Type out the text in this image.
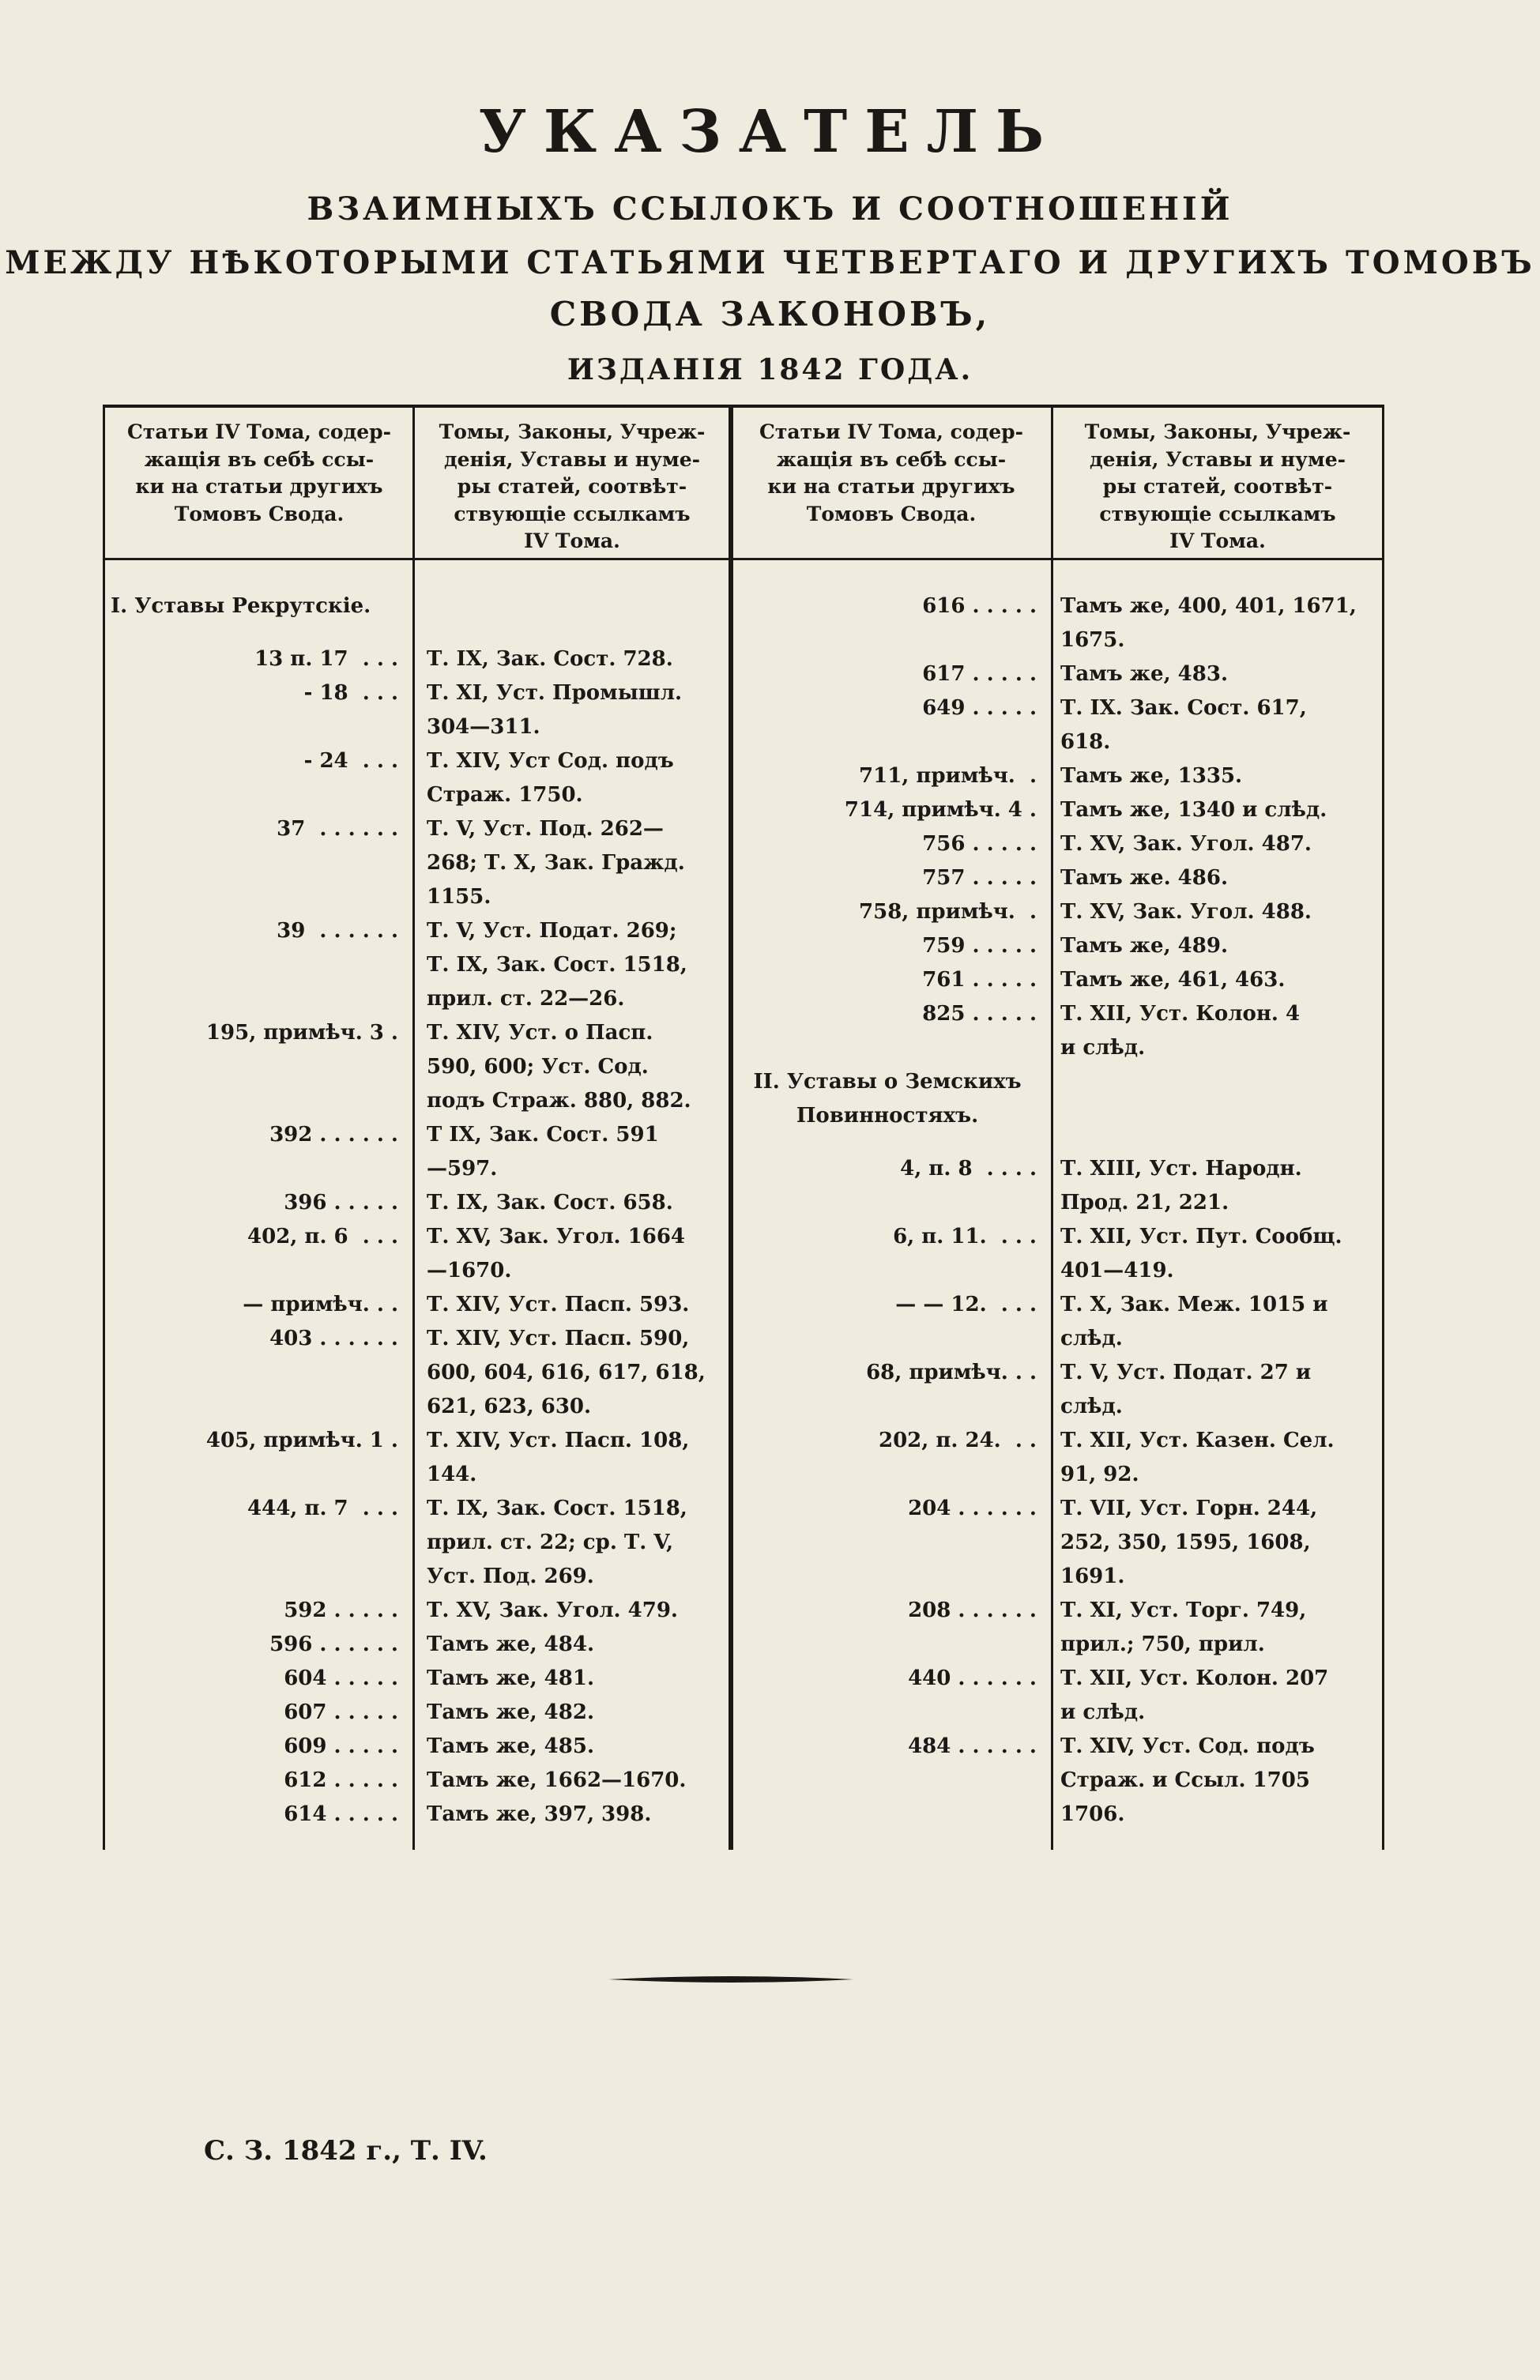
УКАЗАТЕЛЬ
ВЗАИМНЫХЪ ССЫЛОКЪ И СООТНОШЕНІЙ
МЕЖДУ НѢКОТОРЫМИ СТАТЬЯМИ ЧЕТВЕРТАГО И ДРУГИХЪ ТОМОВЪ
СВОДА ЗАКОНОВЪ,
ИЗДАНІЯ 1842 ГОДА.
Статьи IV Тома, содер-
жащія въ себѣ ссы-
ки на статьи другихъ
Томовъ Свода.
Томы, Законы, Учреж-
денія, Уставы и нуме-
ры статей, соотвѣт-
ствующіе ссылкамъ
IV Тома.
Статьи IV Тома, содер-
жащія въ себѣ ссы-
ки на статьи другихъ
Томовъ Свода.
Томы, Законы, Учреж-
денія, Уставы и нуме-
ры статей, соотвѣт-
ствующіе ссылкамъ
IV Тома.
I. Уставы Рекрутскіе.
13 п. 17  . . . Т. IX, Зак. Сост. 728.
- 18  . . . Т. XI, Уст. Промышл.
304—311.
- 24  . . . Т. XIV, Уст Сод. подъ
Страж. 1750.
37  . . . . . . Т. V, Уст. Под. 262—
268; Т. X, Зак. Гражд.
1155.
39  . . . . . . Т. V, Уст. Подат. 269;
Т. IX, Зак. Сост. 1518,
прил. ст. 22—26.
195, примѣч. 3 . Т. XIV, Уст. о Пасп.
590, 600; Уст. Сод.
подъ Страж. 880, 882.
392 . . . . . . Т IX, Зак. Сост. 591
—597.
396 . . . . . Т. IX, Зак. Сост. 658.
402, п. 6  . . . Т. XV, Зак. Угол. 1664
—1670.
— примѣч. . . Т. XIV, Уст. Пасп. 593.
403 . . . . . . Т. XIV, Уст. Пасп. 590,
600, 604, 616, 617, 618,
621, 623, 630.
405, примѣч. 1 . Т. XIV, Уст. Пасп. 108,
144.
444, п. 7  . . . Т. IX, Зак. Сост. 1518,
прил. ст. 22; ср. Т. V,
Уст. Под. 269.
592 . . . . . Т. XV, Зак. Угол. 479.
596 . . . . . . Тамъ же, 484.
604 . . . . . Тамъ же, 481.
607 . . . . . Тамъ же, 482.
609 . . . . . Тамъ же, 485.
612 . . . . . Тамъ же, 1662—1670.
614 . . . . . Тамъ же, 397, 398.
616 . . . . . Тамъ же, 400, 401, 1671,
1675.
617 . . . . . Тамъ же, 483.
649 . . . . . Т. IX. Зак. Сост. 617,
618.
711, примѣч.  . Тамъ же, 1335.
714, примѣч. 4 . Тамъ же, 1340 и слѣд.
756 . . . . . Т. XV, Зак. Угол. 487.
757 . . . . . Тамъ же. 486.
758, примѣч.  . Т. XV, Зак. Угол. 488.
759 . . . . . Тамъ же, 489.
761 . . . . . Тамъ же, 461, 463.
825 . . . . . Т. XII, Уст. Колон. 4
и слѣд.
II. Уставы о Земскихъ
Повинностяхъ.
4, п. 8  . . . . Т. XIII, Уст. Народн.
Прод. 21, 221.
6, п. 11.  . . . Т. XII, Уст. Пут. Сообщ.
401—419.
— — 12.  . . . Т. X, Зак. Меж. 1015 и
слѣд.
68, примѣч. . . Т. V, Уст. Подат. 27 и
слѣд.
202, п. 24.  . . Т. XII, Уст. Казен. Сел.
91, 92.
204 . . . . . . Т. VII, Уст. Горн. 244,
252, 350, 1595, 1608,
1691.
208 . . . . . . Т. XI, Уст. Торг. 749,
прил.; 750, прил.
440 . . . . . . Т. XII, Уст. Колон. 207
и слѣд.
484 . . . . . . Т. XIV, Уст. Сод. подъ
Страж. и Ссыл. 1705
1706.
С. З. 1842 г., Т. IV.
